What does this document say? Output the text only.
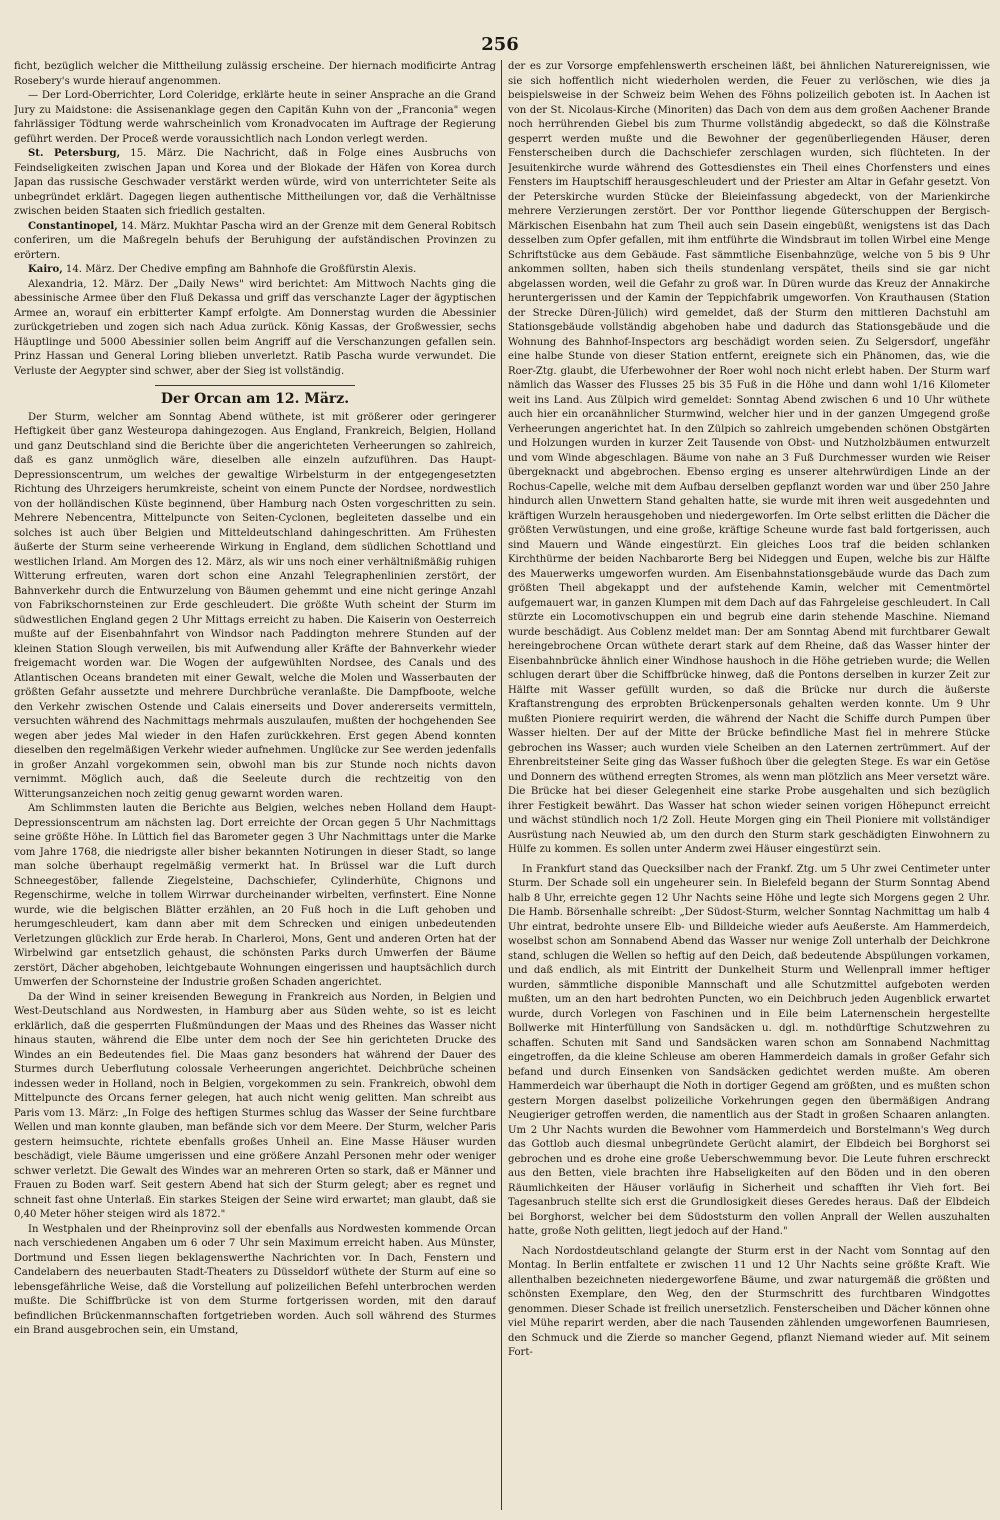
256

ficht, bezüglich welcher die Mittheilung zulässig erscheine. Der hiernach modificirte Antrag Rosebery's wurde hierauf angenommen.

— Der Lord-Oberrichter, Lord Coleridge, erklärte heute in seiner Ansprache an die Grand Jury zu Maidstone: die Assisenanklage gegen den Capitän Kuhn von der „Franconia" wegen fahrlässiger Tödtung werde wahrscheinlich vom Kronadvocaten im Auftrage der Regierung geführt werden. Der Proceß werde voraussichtlich nach London verlegt werden.

St. Petersburg, 15. März. Die Nachricht, daß in Folge eines Ausbruchs von Feindseligkeiten zwischen Japan und Korea und der Blokade der Häfen von Korea durch Japan das russische Geschwader verstärkt werden würde, wird von unterrichteter Seite als unbegründet erklärt. Dagegen liegen authentische Mittheilungen vor, daß die Verhältnisse zwischen beiden Staaten sich friedlich gestalten.

Constantinopel, 14. März. Mukhtar Pascha wird an der Grenze mit dem General Robitsch conferiren, um die Maßregeln behufs der Beruhigung der aufständischen Provinzen zu erörtern.

Kairo, 14. März. Der Chedive empfing am Bahnhofe die Großfürstin Alexis.

Alexandria, 12. März. Der „Daily News" wird berichtet: Am Mittwoch Nachts ging die abessinische Armee über den Fluß Dekassa und griff das verschanzte Lager der ägyptischen Armee an, worauf ein erbitterter Kampf erfolgte. Am Donnerstag wurden die Abessinier zurückgetrieben und zogen sich nach Adua zurück. König Kassas, der Großwessier, sechs Häuptlinge und 5000 Abessinier sollen beim Angriff auf die Verschanzungen gefallen sein. Prinz Hassan und General Loring blieben unverletzt. Ratib Pascha wurde verwundet. Die Verluste der Aegypter sind schwer, aber der Sieg ist vollständig.

Der Orcan am 12. März.

Der Sturm, welcher am Sonntag Abend wüthete, ist mit größerer oder geringerer Heftigkeit über ganz Westeuropa dahingezogen. Aus England, Frankreich, Belgien, Holland und ganz Deutschland sind die Berichte über die angerichteten Verheerungen so zahlreich, daß es ganz unmöglich wäre, dieselben alle einzeln aufzuführen. Das Haupt-Depressionscentrum, um welches der gewaltige Wirbelsturm in der entgegengesetzten Richtung des Uhrzeigers herumkreiste, scheint von einem Puncte der Nordsee, nordwestlich von der holländischen Küste beginnend, über Hamburg nach Osten vorgeschritten zu sein. Mehrere Nebencentra, Mittelpuncte von Seiten-Cyclonen, begleiteten dasselbe und ein solches ist auch über Belgien und Mitteldeutschland dahingeschritten. Am Frühesten äußerte der Sturm seine verheerende Wirkung in England, dem südlichen Schottland und westlichen Irland. Am Morgen des 12. März, als wir uns noch einer verhältnißmäßig ruhigen Witterung erfreuten, waren dort schon eine Anzahl Telegraphenlinien zerstört, der Bahnverkehr durch die Entwurzelung von Bäumen gehemmt und eine nicht geringe Anzahl von Fabrikschornsteinen zur Erde geschleudert. Die größte Wuth scheint der Sturm im südwestlichen England gegen 2 Uhr Mittags erreicht zu haben. Die Kaiserin von Oesterreich mußte auf der Eisenbahnfahrt von Windsor nach Paddington mehrere Stunden auf der kleinen Station Slough verweilen, bis mit Aufwendung aller Kräfte der Bahnverkehr wieder freigemacht worden war. Die Wogen der aufgewühlten Nordsee, des Canals und des Atlantischen Oceans brandeten mit einer Gewalt, welche die Molen und Wasserbauten der größten Gefahr aussetzte und mehrere Durchbrüche veranlaßte. Die Dampfboote, welche den Verkehr zwischen Ostende und Calais einerseits und Dover andererseits vermitteln, versuchten während des Nachmittags mehrmals auszulaufen, mußten der hochgehenden See wegen aber jedes Mal wieder in den Hafen zurückkehren. Erst gegen Abend konnten dieselben den regelmäßigen Verkehr wieder aufnehmen. Unglücke zur See werden jedenfalls in großer Anzahl vorgekommen sein, obwohl man bis zur Stunde noch nichts davon vernimmt. Möglich auch, daß die Seeleute durch die rechtzeitig von den Witterungsanzeichen noch zeitig genug gewarnt worden waren.

Am Schlimmsten lauten die Berichte aus Belgien, welches neben Holland dem Haupt-Depressionscentrum am nächsten lag. Dort erreichte der Orcan gegen 5 Uhr Nachmittags seine größte Höhe. In Lüttich fiel das Barometer gegen 3 Uhr Nachmittags unter die Marke vom Jahre 1768, die niedrigste aller bisher bekannten Notirungen in dieser Stadt, so lange man solche überhaupt regelmäßig vermerkt hat. In Brüssel war die Luft durch Schneegestöber, fallende Ziegelsteine, Dachschiefer, Cylinderhüte, Chignons und Regenschirme, welche in tollem Wirrwar durcheinander wirbelten, verfinstert. Eine Nonne wurde, wie die belgischen Blätter erzählen, an 20 Fuß hoch in die Luft gehoben und herumgeschleudert, kam dann aber mit dem Schrecken und einigen unbedeutenden Verletzungen glücklich zur Erde herab. In Charleroi, Mons, Gent und anderen Orten hat der Wirbelwind gar entsetzlich gehaust, die schönsten Parks durch Umwerfen der Bäume zerstört, Dächer abgehoben, leichtgebaute Wohnungen eingerissen und hauptsächlich durch Umwerfen der Schornsteine der Industrie großen Schaden angerichtet.

Da der Wind in seiner kreisenden Bewegung in Frankreich aus Norden, in Belgien und West-Deutschland aus Nordwesten, in Hamburg aber aus Süden wehte, so ist es leicht erklärlich, daß die gesperrten Flußmündungen der Maas und des Rheines das Wasser nicht hinaus stauten, während die Elbe unter dem noch der See hin gerichteten Drucke des Windes an ein Bedeutendes fiel. Die Maas ganz besonders hat während der Dauer des Sturmes durch Ueberflutung colossale Verheerungen angerichtet. Deichbrüche scheinen indessen weder in Holland, noch in Belgien, vorgekommen zu sein. Frankreich, obwohl dem Mittelpuncte des Orcans ferner gelegen, hat auch nicht wenig gelitten. Man schreibt aus Paris vom 13. März: „In Folge des heftigen Sturmes schlug das Wasser der Seine furchtbare Wellen und man konnte glauben, man befände sich vor dem Meere. Der Sturm, welcher Paris gestern heimsuchte, richtete ebenfalls großes Unheil an. Eine Masse Häuser wurden beschädigt, viele Bäume umgerissen und eine größere Anzahl Personen mehr oder weniger schwer verletzt. Die Gewalt des Windes war an mehreren Orten so stark, daß er Männer und Frauen zu Boden warf. Seit gestern Abend hat sich der Sturm gelegt; aber es regnet und schneit fast ohne Unterlaß. Ein starkes Steigen der Seine wird erwartet; man glaubt, daß sie 0,40 Meter höher steigen wird als 1872."

In Westphalen und der Rheinprovinz soll der ebenfalls aus Nordwesten kommende Orcan nach verschiedenen Angaben um 6 oder 7 Uhr sein Maximum erreicht haben. Aus Münster, Dortmund und Essen liegen beklagenswerthe Nachrichten vor. In Dach, Fenstern und Candelabern des neuerbauten Stadt-Theaters zu Düsseldorf wüthete der Sturm auf eine so lebensgefährliche Weise, daß die Vorstellung auf polizeilichen Befehl unterbrochen werden mußte. Die Schiffbrücke ist von dem Sturme fortgerissen worden, mit den darauf befindlichen Brückenmannschaften fortgetrieben worden. Auch soll während des Sturmes ein Brand ausgebrochen sein, ein Umstand,

der es zur Vorsorge empfehlenswerth erscheinen läßt, bei ähnlichen Naturereignissen, wie sie sich hoffentlich nicht wiederholen werden, die Feuer zu verlöschen, wie dies ja beispielsweise in der Schweiz beim Wehen des Föhns polizeilich geboten ist. In Aachen ist von der St. Nicolaus-Kirche (Minoriten) das Dach von dem aus dem großen Aachener Brande noch herrührenden Giebel bis zum Thurme vollständig abgedeckt, so daß die Kölnstraße gesperrt werden mußte und die Bewohner der gegenüberliegenden Häuser, deren Fensterscheiben durch die Dachschiefer zerschlagen wurden, sich flüchteten. In der Jesuitenkirche wurde während des Gottesdienstes ein Theil eines Chorfensters und eines Fensters im Hauptschiff herausgeschleudert und der Priester am Altar in Gefahr gesetzt. Von der Peterskirche wurden Stücke der Bleieinfassung abgedeckt, von der Marienkirche mehrere Verzierungen zerstört. Der vor Pontthor liegende Güterschuppen der Bergisch-Märkischen Eisenbahn hat zum Theil auch sein Dasein eingebüßt, wenigstens ist das Dach desselben zum Opfer gefallen, mit ihm entführte die Windsbraut im tollen Wirbel eine Menge Schriftstücke aus dem Gebäude. Fast sämmtliche Eisenbahnzüge, welche von 5 bis 9 Uhr ankommen sollten, haben sich theils stundenlang verspätet, theils sind sie gar nicht abgelassen worden, weil die Gefahr zu groß war. In Düren wurde das Kreuz der Annakirche heruntergerissen und der Kamin der Teppichfabrik umgeworfen. Von Krauthausen (Station der Strecke Düren-Jülich) wird gemeldet, daß der Sturm den mittleren Dachstuhl am Stationsgebäude vollständig abgehoben habe und dadurch das Stationsgebäude und die Wohnung des Bahnhof-Inspectors arg beschädigt worden seien. Zu Selgersdorf, ungefähr eine halbe Stunde von dieser Station entfernt, ereignete sich ein Phänomen, das, wie die Roer-Ztg. glaubt, die Uferbewohner der Roer wohl noch nicht erlebt haben. Der Sturm warf nämlich das Wasser des Flusses 25 bis 35 Fuß in die Höhe und dann wohl 1/16 Kilometer weit ins Land. Aus Zülpich wird gemeldet: Sonntag Abend zwischen 6 und 10 Uhr wüthete auch hier ein orcanähnlicher Sturmwind, welcher hier und in der ganzen Umgegend große Verheerungen angerichtet hat. In den Zülpich so zahlreich umgebenden schönen Obstgärten und Holzungen wurden in kurzer Zeit Tausende von Obst- und Nutzholzbäumen entwurzelt und vom Winde abgeschlagen. Bäume von nahe an 3 Fuß Durchmesser wurden wie Reiser übergeknackt und abgebrochen. Ebenso erging es unserer altehrwürdigen Linde an der Rochus-Capelle, welche mit dem Aufbau derselben gepflanzt worden war und über 250 Jahre hindurch allen Unwettern Stand gehalten hatte, sie wurde mit ihren weit ausgedehnten und kräftigen Wurzeln herausgehoben und niedergeworfen. Im Orte selbst erlitten die Dächer die größten Verwüstungen, und eine große, kräftige Scheune wurde fast bald fortgerissen, auch sind Mauern und Wände eingestürzt. Ein gleiches Loos traf die beiden schlanken Kirchthürme der beiden Nachbarorte Berg bei Nideggen und Eupen, welche bis zur Hälfte des Mauerwerks umgeworfen wurden. Am Eisenbahnstationsgebäude wurde das Dach zum größten Theil abgekappt und der aufstehende Kamin, welcher mit Cementmörtel aufgemauert war, in ganzen Klumpen mit dem Dach auf das Fahrgeleise geschleudert. In Call stürzte ein Locomotivschuppen ein und begrub eine darin stehende Maschine. Niemand wurde beschädigt. Aus Coblenz meldet man: Der am Sonntag Abend mit furchtbarer Gewalt hereingebrochene Orcan wüthete derart stark auf dem Rheine, daß das Wasser hinter der Eisenbahnbrücke ähnlich einer Windhose haushoch in die Höhe getrieben wurde; die Wellen schlugen derart über die Schiffbrücke hinweg, daß die Pontons derselben in kurzer Zeit zur Hälfte mit Wasser gefüllt wurden, so daß die Brücke nur durch die äußerste Kraftanstrengung des erprobten Brückenpersonals gehalten werden konnte. Um 9 Uhr mußten Pioniere requirirt werden, die während der Nacht die Schiffe durch Pumpen über Wasser hielten. Der auf der Mitte der Brücke befindliche Mast fiel in mehrere Stücke gebrochen ins Wasser; auch wurden viele Scheiben an den Laternen zertrümmert. Auf der Ehrenbreitsteiner Seite ging das Wasser fußhoch über die gelegten Stege. Es war ein Getöse und Donnern des wüthend erregten Stromes, als wenn man plötzlich ans Meer versetzt wäre. Die Brücke hat bei dieser Gelegenheit eine starke Probe ausgehalten und sich bezüglich ihrer Festigkeit bewährt. Das Wasser hat schon wieder seinen vorigen Höhepunct erreicht und wächst stündlich noch 1/2 Zoll. Heute Morgen ging ein Theil Pioniere mit vollständiger Ausrüstung nach Neuwied ab, um den durch den Sturm stark geschädigten Einwohnern zu Hülfe zu kommen. Es sollen unter Anderm zwei Häuser eingestürzt sein.

In Frankfurt stand das Quecksilber nach der Frankf. Ztg. um 5 Uhr zwei Centimeter unter Sturm. Der Schade soll ein ungeheurer sein. In Bielefeld begann der Sturm Sonntag Abend halb 8 Uhr, erreichte gegen 12 Uhr Nachts seine Höhe und legte sich Morgens gegen 2 Uhr. Die Hamb. Börsenhalle schreibt: „Der Südost-Sturm, welcher Sonntag Nachmittag um halb 4 Uhr eintrat, bedrohte unsere Elb- und Billdeiche wieder aufs Aeußerste. Am Hammerdeich, woselbst schon am Sonnabend Abend das Wasser nur wenige Zoll unterhalb der Deichkrone stand, schlugen die Wellen so heftig auf den Deich, daß bedeutende Abspülungen vorkamen, und daß endlich, als mit Eintritt der Dunkelheit Sturm und Wellenprall immer heftiger wurden, sämmtliche disponible Mannschaft und alle Schutzmittel aufgeboten werden mußten, um an den hart bedrohten Puncten, wo ein Deichbruch jeden Augenblick erwartet wurde, durch Vorlegen von Faschinen und in Eile beim Laternenschein hergestellte Bollwerke mit Hinterfüllung von Sandsäcken u. dgl. m. nothdürftige Schutzwehren zu schaffen. Schuten mit Sand und Sandsäcken waren schon am Sonnabend Nachmittag eingetroffen, da die kleine Schleuse am oberen Hammerdeich damals in großer Gefahr sich befand und durch Einsenken von Sandsäcken gedichtet werden mußte. Am oberen Hammerdeich war überhaupt die Noth in dortiger Gegend am größten, und es mußten schon gestern Morgen daselbst polizeiliche Vorkehrungen gegen den übermäßigen Andrang Neugieriger getroffen werden, die namentlich aus der Stadt in großen Schaaren anlangten. Um 2 Uhr Nachts wurden die Bewohner vom Hammerdeich und Borstelmann's Weg durch das Gottlob auch diesmal unbegründete Gerücht alamirt, der Elbdeich bei Borghorst sei gebrochen und es drohe eine große Ueberschwemmung bevor. Die Leute fuhren erschreckt aus den Betten, viele brachten ihre Habseligkeiten auf den Böden und in den oberen Räumlichkeiten der Häuser vorläufig in Sicherheit und schafften ihr Vieh fort. Bei Tagesanbruch stellte sich erst die Grundlosigkeit dieses Geredes heraus. Daß der Elbdeich bei Borghorst, welcher bei dem Südoststurm den vollen Anprall der Wellen auszuhalten hatte, große Noth gelitten, liegt jedoch auf der Hand."

Nach Nordostdeutschland gelangte der Sturm erst in der Nacht vom Sonntag auf den Montag. In Berlin entfaltete er zwischen 11 und 12 Uhr Nachts seine größte Kraft. Wie allenthalben bezeichneten niedergeworfene Bäume, und zwar naturgemäß die größten und schönsten Exemplare, den Weg, den der Sturmschritt des furchtbaren Windgottes genommen. Dieser Schade ist freilich unersetzlich. Fensterscheiben und Dächer können ohne viel Mühe reparirt werden, aber die nach Tausenden zählenden umgeworfenen Baumriesen, den Schmuck und die Zierde so mancher Gegend, pflanzt Niemand wieder auf. Mit seinem Fort-
